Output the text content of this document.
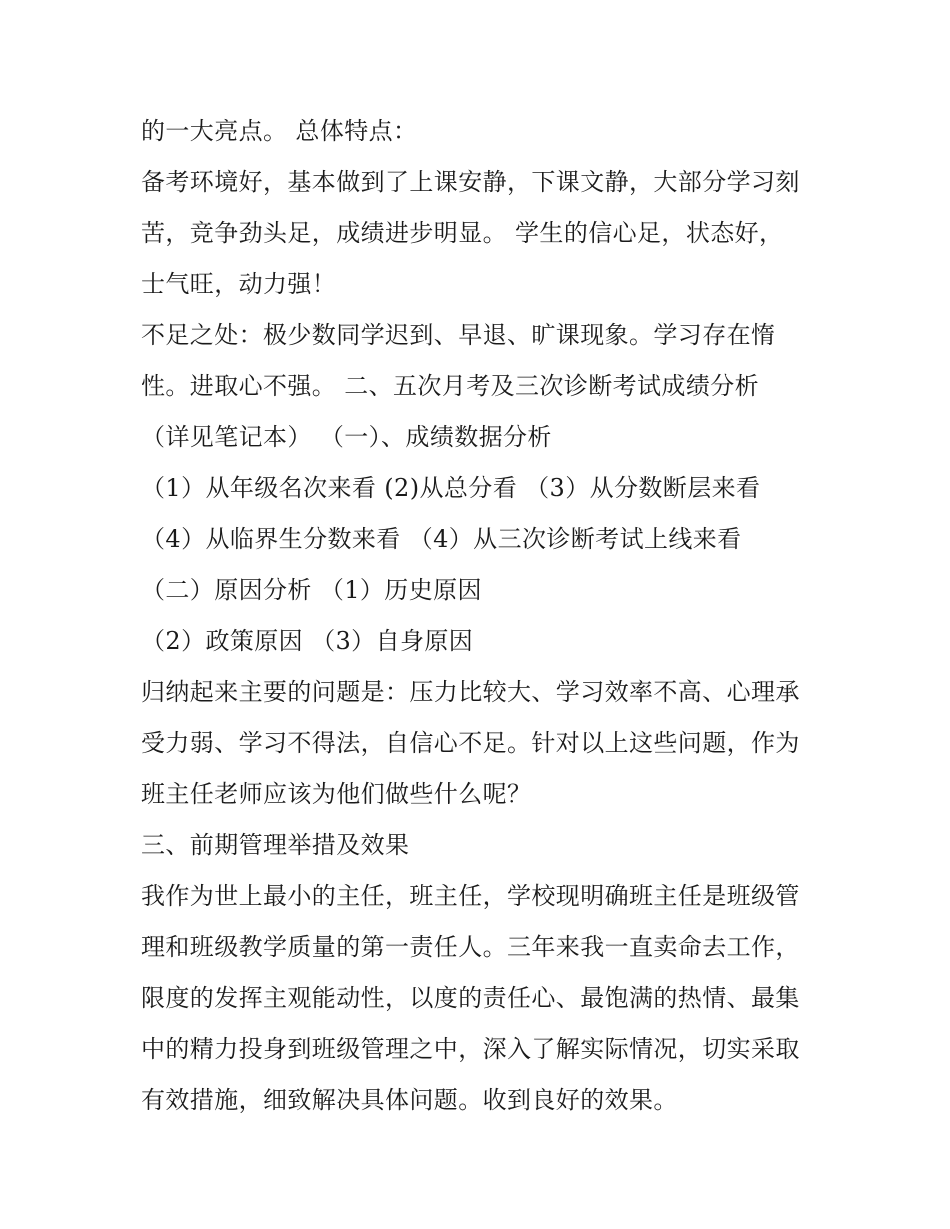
的一大亮点。 总体特点：

备考环境好，基本做到了上课安静，下课文静，大部分学习刻

苦，竞争劲头足，成绩进步明显。 学生的信心足，状态好，

士气旺，动力强！

不足之处：极少数同学迟到、早退、旷课现象。学习存在惰

性。进取心不强。 二、五次月考及三次诊断考试成绩分析

（详见笔记本） （一）、成绩数据分析

（1）从年级名次来看 (2)从总分看 （3）从分数断层来看

（4）从临界生分数来看 （4）从三次诊断考试上线来看

（二）原因分析 （1）历史原因

（2）政策原因 （3）自身原因

归纳起来主要的问题是：压力比较大、学习效率不高、心理承

受力弱、学习不得法，自信心不足。针对以上这些问题，作为

班主任老师应该为他们做些什么呢？

三、前期管理举措及效果

我作为世上最小的主任，班主任，学校现明确班主任是班级管

理和班级教学质量的第一责任人。三年来我一直卖命去工作，

限度的发挥主观能动性，以度的责任心、最饱满的热情、最集

中的精力投身到班级管理之中，深入了解实际情况，切实采取

有效措施，细致解决具体问题。收到良好的效果。
